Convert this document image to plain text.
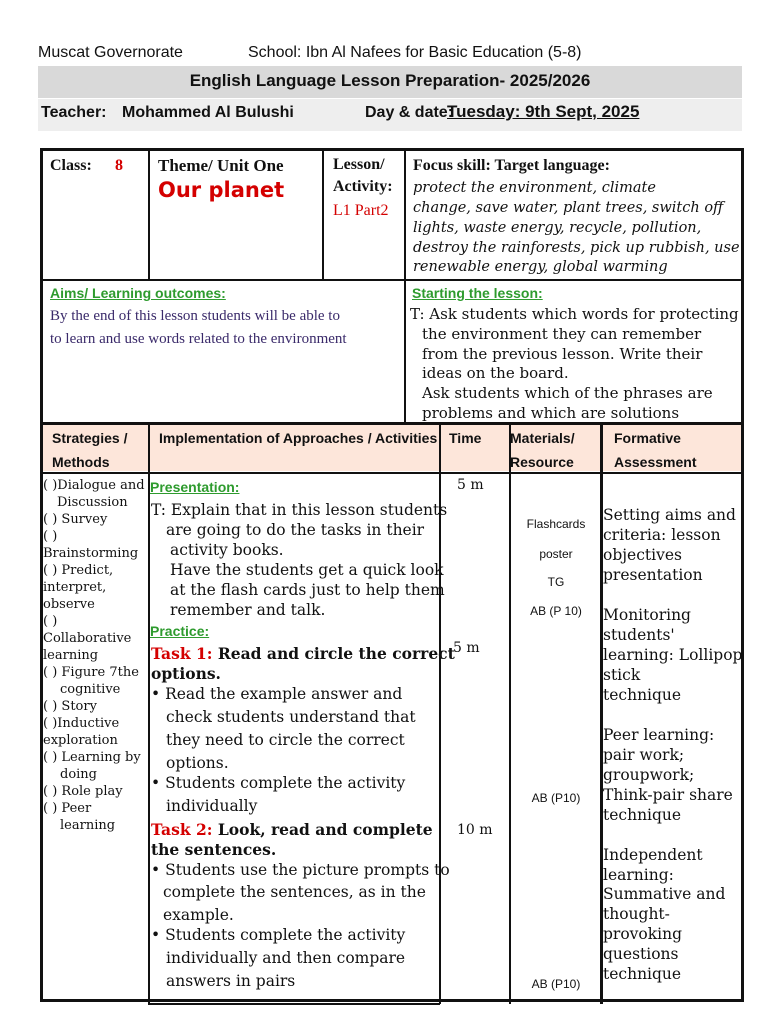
Muscat Governorate	School: Ibn Al Nafees for Basic Education (5-8)
English Language Lesson Preparation- 2025/2026
Teacher: Mohammed Al Bulushi	Day & date:
Tuesday: 9th Sept, 2025
Class: 8 Theme/ Unit One
Our planet
Lesson/
Activity:
L1 Part2
Focus skill: Target language:
protect the environment, climate
change, save water, plant trees, switch off
lights, waste energy, recycle, pollution,
destroy the rainforests, pick up rubbish, use
renewable energy, global warming
Aims/ Learning outcomes:
By the end of this lesson students will be able to
to learn and use words related to the environment
Starting the lesson:
T: Ask students which words for protecting
the environment they can remember
from the previous lesson. Write their
ideas on the board.
Ask students which of the phrases are
problems and which are solutions
Strategies /
Methods
Implementation of Approaches / Activities Time Materials/
Resource
Formative
Assessment
( )Dialogue and
Discussion
( ) Survey
( )
Brainstorming
( ) Predict,
interpret,
observe
( )
Collaborative
learning
( ) Figure 7the
cognitive
( ) Story
( )Inductive
exploration
( ) Learning by
doing
( ) Role play
( ) Peer
learning
Presentation:
T: Explain that in this lesson students
are going to do the tasks in their
activity books.
Have the students get a quick look
at the flash cards just to help them
remember and talk.
Practice:
Task 1: Read and circle the correct
options.
• Read the example answer and
check students understand that
they need to circle the correct
options.
• Students complete the activity
individually
Task 2: Look, read and complete
the sentences.
• Students use the picture prompts to
complete the sentences, as in the
example.
• Students complete the activity
individually and then compare
answers in pairs
5 m
5 m
10 m
Flashcards
poster
TG
AB (P 10)
AB (P10)
AB (P10)
Setting aims and
criteria: lesson
objectives
presentation
Monitoring
students'
learning: Lollipop
stick
technique
Peer learning:
pair work;
groupwork;
Think-pair share
technique
Independent
learning:
Summative and
thought-
provoking
questions
technique
